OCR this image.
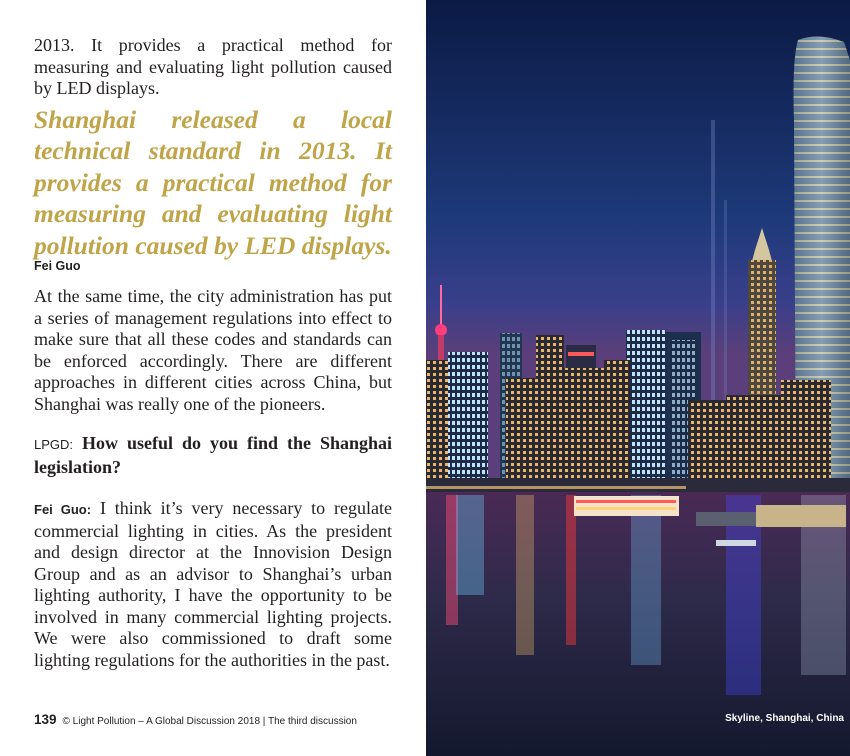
2013. It provides a practical method for measuring and evaluating light pollution caused by LED displays.

Shanghai released a local technical standard in 2013. It provides a practical method for measuring and evaluating light pollution caused by LED displays.

Fei Guo

At the same time, the city administration has put a series of management regulations into effect to make sure that all these codes and standards can be enforced accordingly. There are different approaches in different cities across China, but Shanghai was really one of the pioneers.

LPGD: How useful do you find the Shanghai legislation?

Fei Guo: I think it’s very necessary to regulate commercial lighting in cities. As the president and design director at the Innovision Design Group and as an advisor to Shanghai’s urban lighting authority, I have the opportunity to be involved in many commercial lighting projects. We were also commissioned to draft some lighting regulations for the authorities in the past.

139 © Light Pollution – A Global Discussion 2018 | The third discussion	Skyline, Shanghai, China
